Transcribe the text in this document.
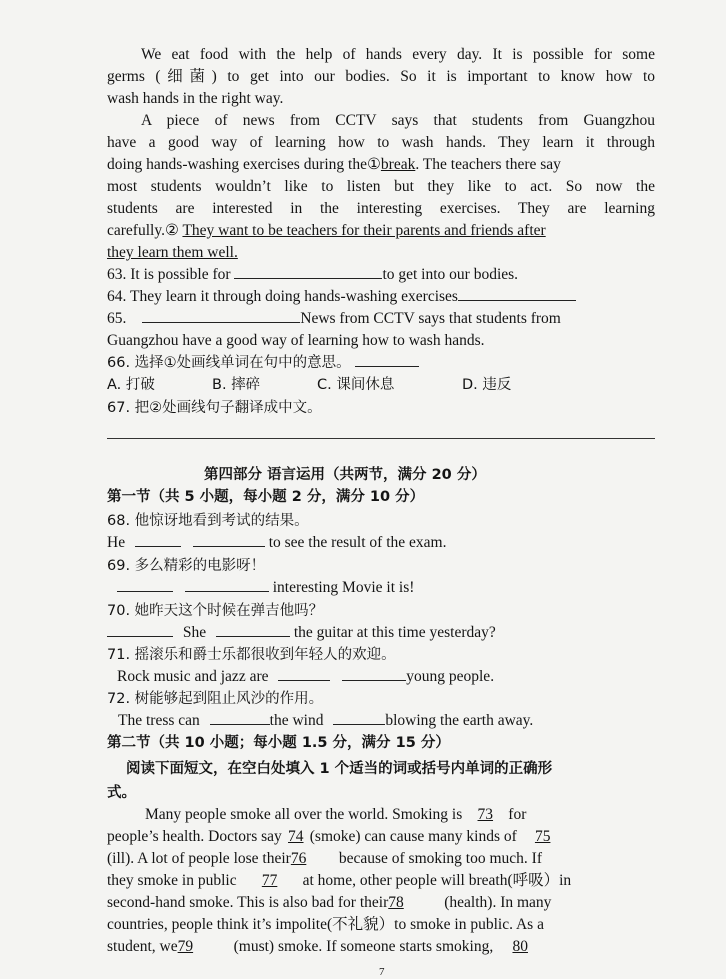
We eat food with the help of hands every day. It is possible for some
germs (细菌) to get into our bodies. So it is important to know how to
wash hands in the right way.
A piece of news from CCTV says that students from Guangzhou
have a good way of learning how to wash hands. They learn it through
doing hands-washing exercises during the①break. The teachers there say
most students wouldn’t like to listen but they like to act. So now the
students are interested in the interesting exercises. They are learning
carefully.② They want to be teachers for their parents and friends after
they learn them well.
63. It is possible for	to get into our bodies.
64. They learn it through doing hands-washing exercises
65.	News from CCTV says that students from
Guangzhou have a good way of learning how to wash hands.
66. 选择①处画线单词在句中的意思。
A. 打破	B. 摔碎	C. 课间休息	D. 违反
67. 把②处画线句子翻译成中文。
第四部分 语言运用（共两节，满分 20 分）
第一节（共 5 小题，每小题 2 分，满分 10 分）
68. 他惊讶地看到考试的结果。
He	to see the result of the exam.
69. 多么精彩的电影呀！
interesting Movie it is!
70. 她昨天这个时候在弹吉他吗？
She	the guitar at this time yesterday?
71. 摇滚乐和爵士乐都很收到年轻人的欢迎。
Rock music and jazz are	young people.
72. 树能够起到阻止风沙的作用。
The tress can	the wind	blowing the earth away.
第二节（共 10 小题；每小题 1.5 分，满分 15 分）
阅读下面短文，在空白处填入 1 个适当的词或括号内单词的正确形
式。
Many people smoke all over the world. Smoking is 73 for
people’s health. Doctors say 74 (smoke) can cause many kinds of 75
(ill). A lot of people lose their76 because of smoking too much. If
they smoke in public 77 at home, other people will breath(呼吸）in
second-hand smoke. This is also bad for their78	(health). In many
countries, people think it’s impolite(不礼貌）to smoke in public. As a
student, we79	(must) smoke. If someone starts smoking, 80
7
